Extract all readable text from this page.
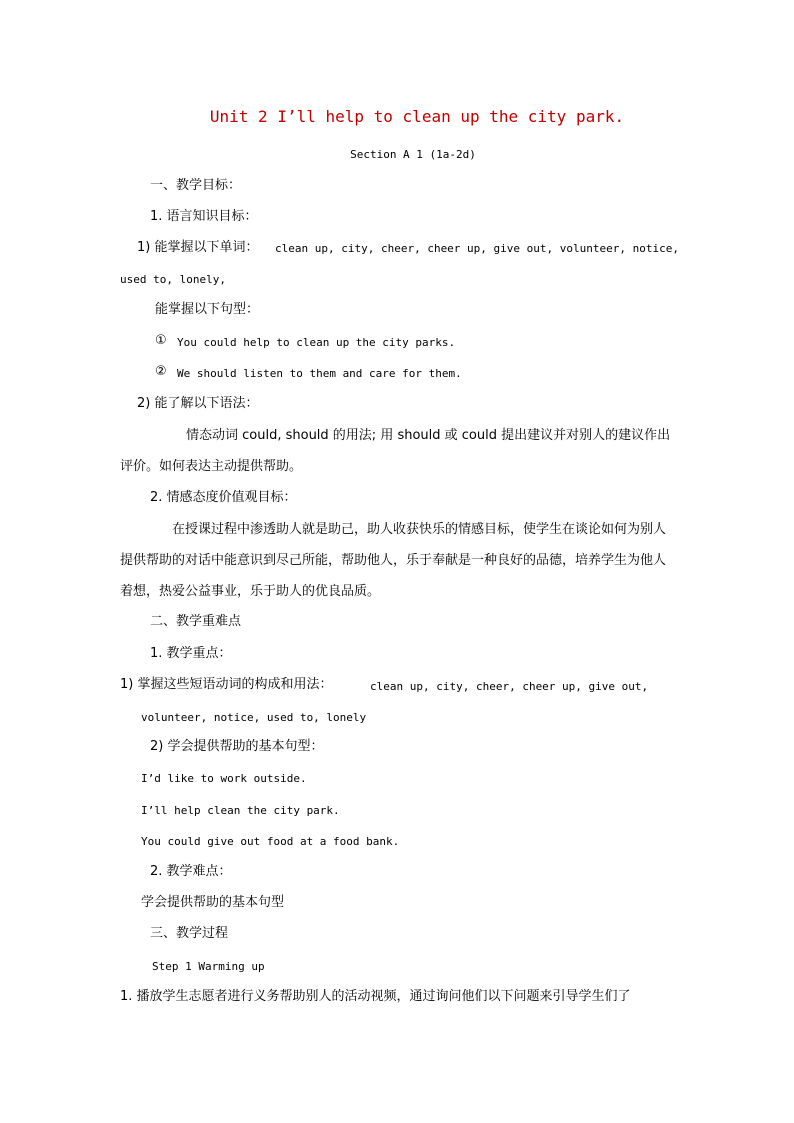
Unit 2 I’ll help to clean up the city park.
Section A 1 (1a-2d)
一、教学目标：
1. 语言知识目标：
1) 能掌握以下单词： clean up, city, cheer, cheer up, give out, volunteer, notice,
used to, lonely,
能掌握以下句型：
① You could help to clean up the city parks.
② We should listen to them and care for them.
2) 能了解以下语法：
情态动词 could, should 的用法; 用 should 或 could 提出建议并对别人的建议作出评价。如何表达主动提供帮助。
2. 情感态度价值观目标：
在授课过程中渗透助人就是助己，助人收获快乐的情感目标，使学生在谈论如何为别人提供帮助的对话中能意识到尽己所能，帮助他人，乐于奉献是一种良好的品德，培养学生为他人着想，热爱公益事业，乐于助人的优良品质。
二、教学重难点
1. 教学重点：
1) 掌握这些短语动词的构成和用法：	clean up, city, cheer, cheer up, give out,
volunteer, notice, used to, lonely
2) 学会提供帮助的基本句型：
I’d like to work outside.
I’ll help clean the city park.
You could give out food at a food bank.
2. 教学难点：
学会提供帮助的基本句型
三、教学过程
Step 1 Warming up
1. 播放学生志愿者进行义务帮助别人的活动视频，通过询问他们以下问题来引导学生们了
